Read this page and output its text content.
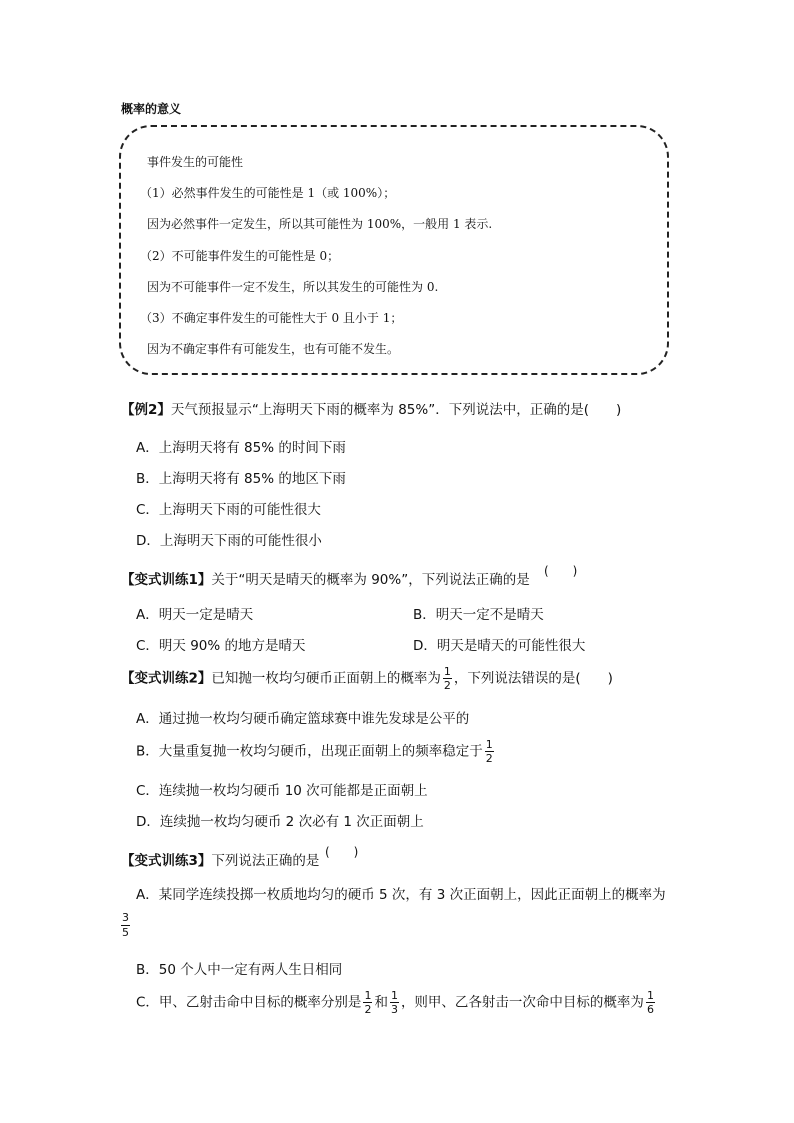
概率的意义
事件发生的可能性
（1）必然事件发生的可能性是 1（或 100%）；
因为必然事件一定发生，所以其可能性为 100%，一般用 1 表示.
（2）不可能事件发生的可能性是 0；
因为不可能事件一定不发生，所以其发生的可能性为 0.
（3）不确定事件发生的可能性大于 0 且小于 1；
因为不确定事件有可能发生，也有可能不发生。
【例2】天气预报显示“上海明天下雨的概率为 85%”．下列说法中，正确的是(　　)
A．上海明天将有 85% 的时间下雨
B．上海明天将有 85% 的地区下雨
C．上海明天下雨的可能性很大
D．上海明天下雨的可能性很小
【变式训练1】关于“明天是晴天的概率为 90%”，下列说法正确的是
(　　)
A．明天一定是晴天	B．明天一定不是晴天
C．明天 90% 的地方是晴天	D．明天是晴天的可能性很大
【变式训练2】已知抛一枚均匀硬币正面朝上的概率为 $\frac{1}{2}$ ，下列说法错误的是(　　)
A．通过抛一枚均匀硬币确定篮球赛中谁先发球是公平的
B．大量重复抛一枚均匀硬币，出现正面朝上的频率稳定于 $\frac{1}{2}$
C．连续抛一枚均匀硬币 10 次可能都是正面朝上
D．连续抛一枚均匀硬币 2 次必有 1 次正面朝上
【变式训练3】下列说法正确的是
(　　)
A．某同学连续投掷一枚质地均匀的硬币 5 次，有 3 次正面朝上，因此正面朝上的概率为
3
5
B．50 个人中一定有两人生日相同
C．甲、乙射击命中目标的概率分别是 $\frac{1}{2}$ 和 $\frac{1}{3}$ ，则甲、乙各射击一次命中目标的概率为 $\frac{1}{6}$
